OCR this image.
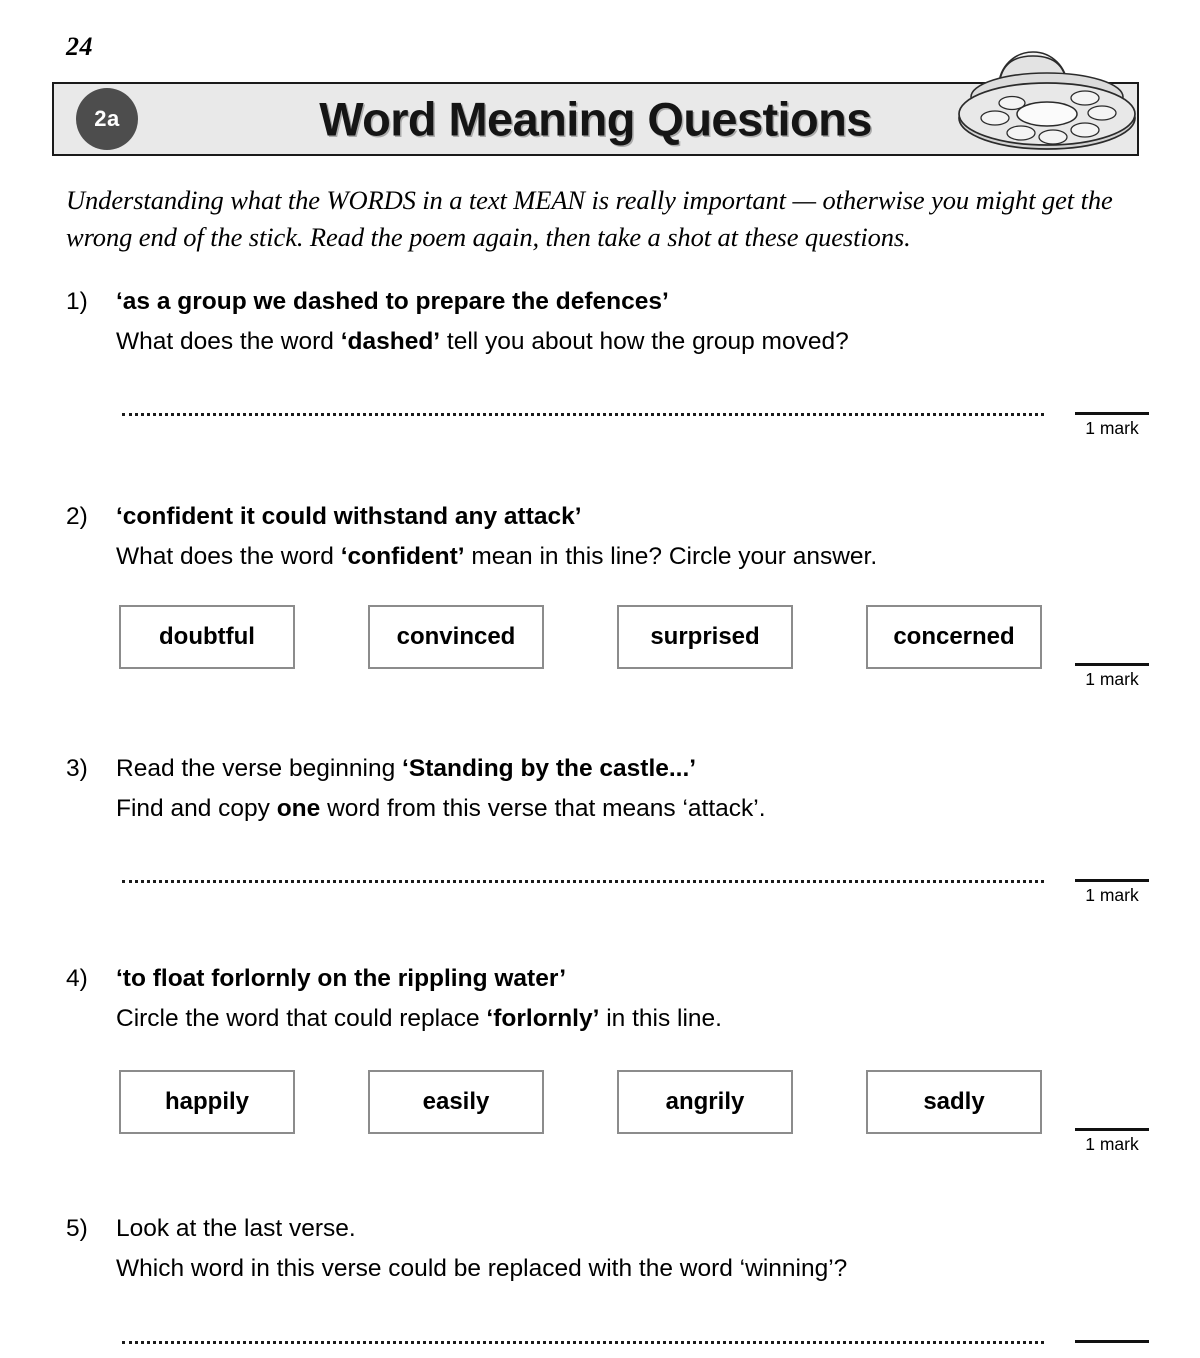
24
2a	Word Meaning Questions
Understanding what the WORDS in a text MEAN is really important — otherwise you might get the wrong end of the stick. Read the poem again, then take a shot at these questions.
1)	‘as a group we dashed to prepare the defences’
What does the word ‘dashed’ tell you about how the group moved?
1 mark
2)	‘confident it could withstand any attack’
What does the word ‘confident’ mean in this line? Circle your answer.
doubtful	convinced	surprised	concerned
1 mark
3)	Read the verse beginning ‘Standing by the castle...’
Find and copy one word from this verse that means ‘attack’.
1 mark
4)	‘to float forlornly on the rippling water’
Circle the word that could replace ‘forlornly’ in this line.
happily	easily	angrily	sadly
1 mark
5)	Look at the last verse.
Which word in this verse could be replaced with the word ‘winning’?
